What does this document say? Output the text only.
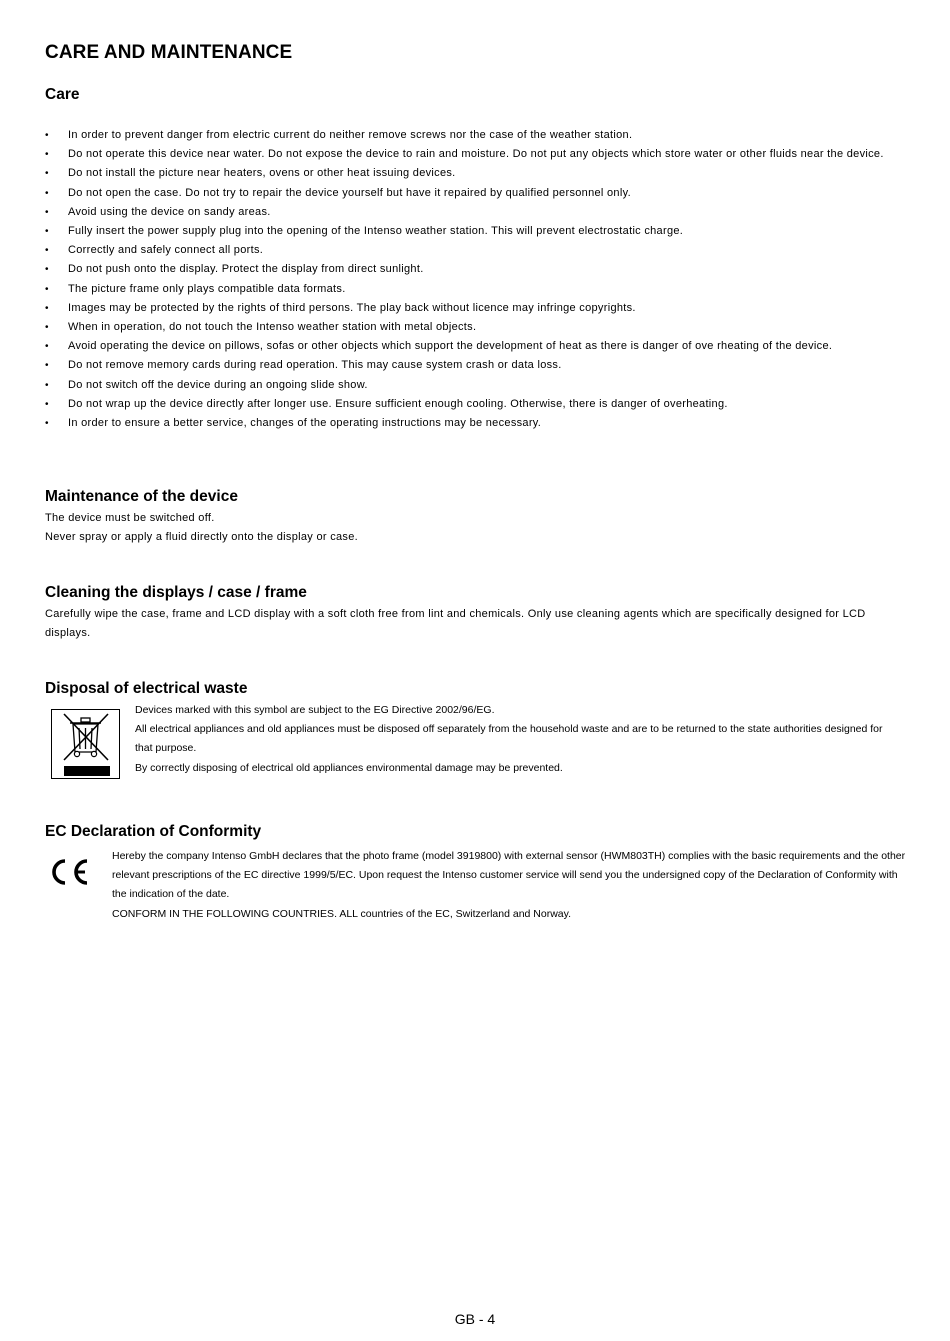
CARE AND MAINTENANCE
Care
• In order to prevent danger from electric current do neither remove screws nor the case of the weather station.
• Do not operate this device near water. Do not expose the device to rain and moisture. Do not put any objects which store water or other fluids near the device.
• Do not install the picture near heaters, ovens or other heat issuing devices.
• Do not open the case. Do not try to repair the device yourself but have it repaired by qualified personnel only.
• Avoid using the device on sandy areas.
• Fully insert the power supply plug into the opening of the Intenso weather station. This will prevent electrostatic charge.
• Correctly and safely connect all ports.
• Do not push onto the display. Protect the display from direct sunlight.
• The picture frame only plays compatible data formats.
• Images may be protected by the rights of third persons. The play back without licence may infringe copyrights.
• When in operation, do not touch the Intenso weather station with metal objects.
• Avoid operating the device on pillows, sofas or other objects which support the development of heat as there is danger of ove rheating of the device.
• Do not remove memory cards during read operation. This may cause system crash or data loss.
• Do not switch off the device during an ongoing slide show.
• Do not wrap up the device directly after longer use. Ensure sufficient enough cooling. Otherwise, there is danger of overheating.
• In order to ensure a better service, changes of the operating instructions may be necessary.
Maintenance of the device
The device must be switched off.
Never spray or apply a fluid directly onto the display or case.
Cleaning the displays / case / frame

Carefully wipe the case, frame and LCD display with a soft cloth free from lint and chemicals. Only use cleaning agents which are specifically designed for LCD displays.

Disposal of electrical waste

Devices marked with this symbol are subject to the EG Directive 2002/96/EG.

All electrical appliances and old appliances must be disposed off separately from the household waste and are to be returned to the state authorities designed for that purpose.

By correctly disposing of electrical old appliances environmental damage may be prevented.

EC Declaration of Conformity

Hereby the company Intenso GmbH declares that the photo frame (model 3919800) with external sensor (HWM803TH) complies with the basic requirements and the other relevant prescriptions of the EC directive 1999/5/EC. Upon request the Intenso customer service will send you the undersigned copy of the Declaration of Conformity with the indication of the date.

CONFORM IN THE FOLLOWING COUNTRIES. ALL countries of the EC, Switzerland and Norway.

GB - 4
